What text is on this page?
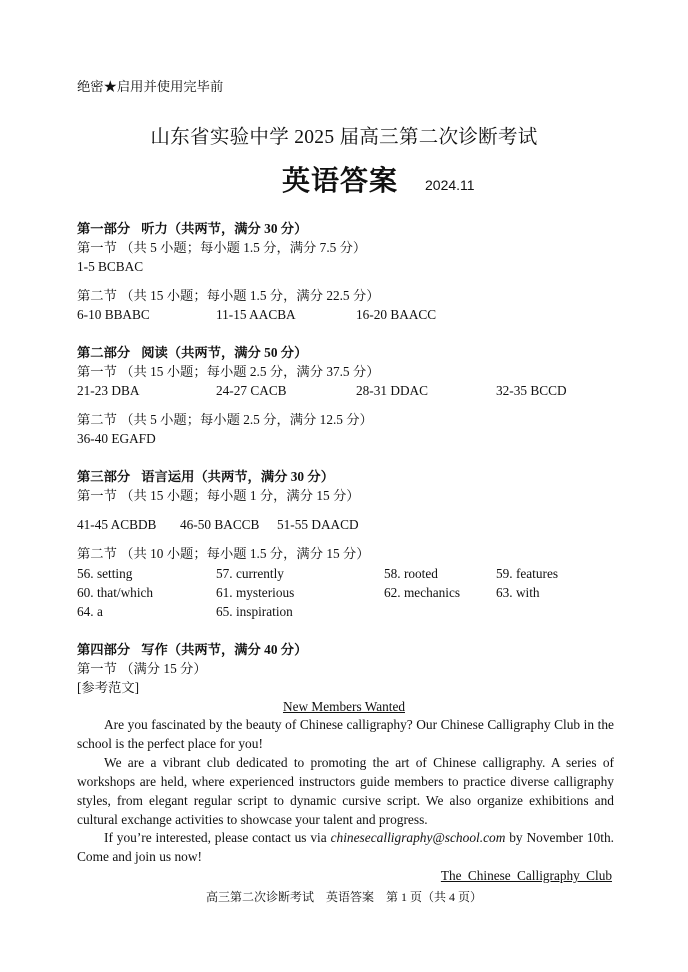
绝密★启用并使用完毕前
山东省实验中学 2025 届高三第二次诊断考试
英语答案 2024.11
第一部分 听力（共两节，满分 30 分）
第一节 （共 5 小题；每小题 1.5 分，满分 7.5 分）
1-5 BCBAC
第二节 （共 15 小题；每小题 1.5 分，满分 22.5 分）
6-10 BBABC	11-15 AACBA	16-20 BAACC
第二部分 阅读（共两节，满分 50 分）
第一节 （共 15 小题；每小题 2.5 分，满分 37.5 分）
21-23 DBA	24-27 CACB	28-31 DDAC	32-35 BCCD
第二节 （共 5 小题；每小题 2.5 分，满分 12.5 分）
36-40 EGAFD
第三部分 语言运用（共两节，满分 30 分）
第一节 （共 15 小题；每小题 1 分，满分 15 分）
41-45 ACBDB 46-50 BACCB 51-55 DAACD
第二节 （共 10 小题；每小题 1.5 分，满分 15 分）
56. setting	57. currently	58. rooted	59. features
60. that/which	61. mysterious	62. mechanics	63. with
64. a	65. inspiration
第四部分 写作（共两节，满分 40 分）
第一节 （满分 15 分）
[参考范文]
New Members Wanted

Are you fascinated by the beauty of Chinese calligraphy? Our Chinese Calligraphy Club in the school is the perfect place for you!

We are a vibrant club dedicated to promoting the art of Chinese calligraphy. A series of workshops are held, where experienced instructors guide members to practice diverse calligraphy styles, from elegant regular script to dynamic cursive script. We also organize exhibitions and cultural exchange activities to showcase your talent and progress.

If you’re interested, please contact us via chinesecalligraphy@school.com by November 10th. Come and join us now!

The Chinese Calligraphy Club
高三第二次诊断考试　英语答案　第 1 页（共 4 页）
